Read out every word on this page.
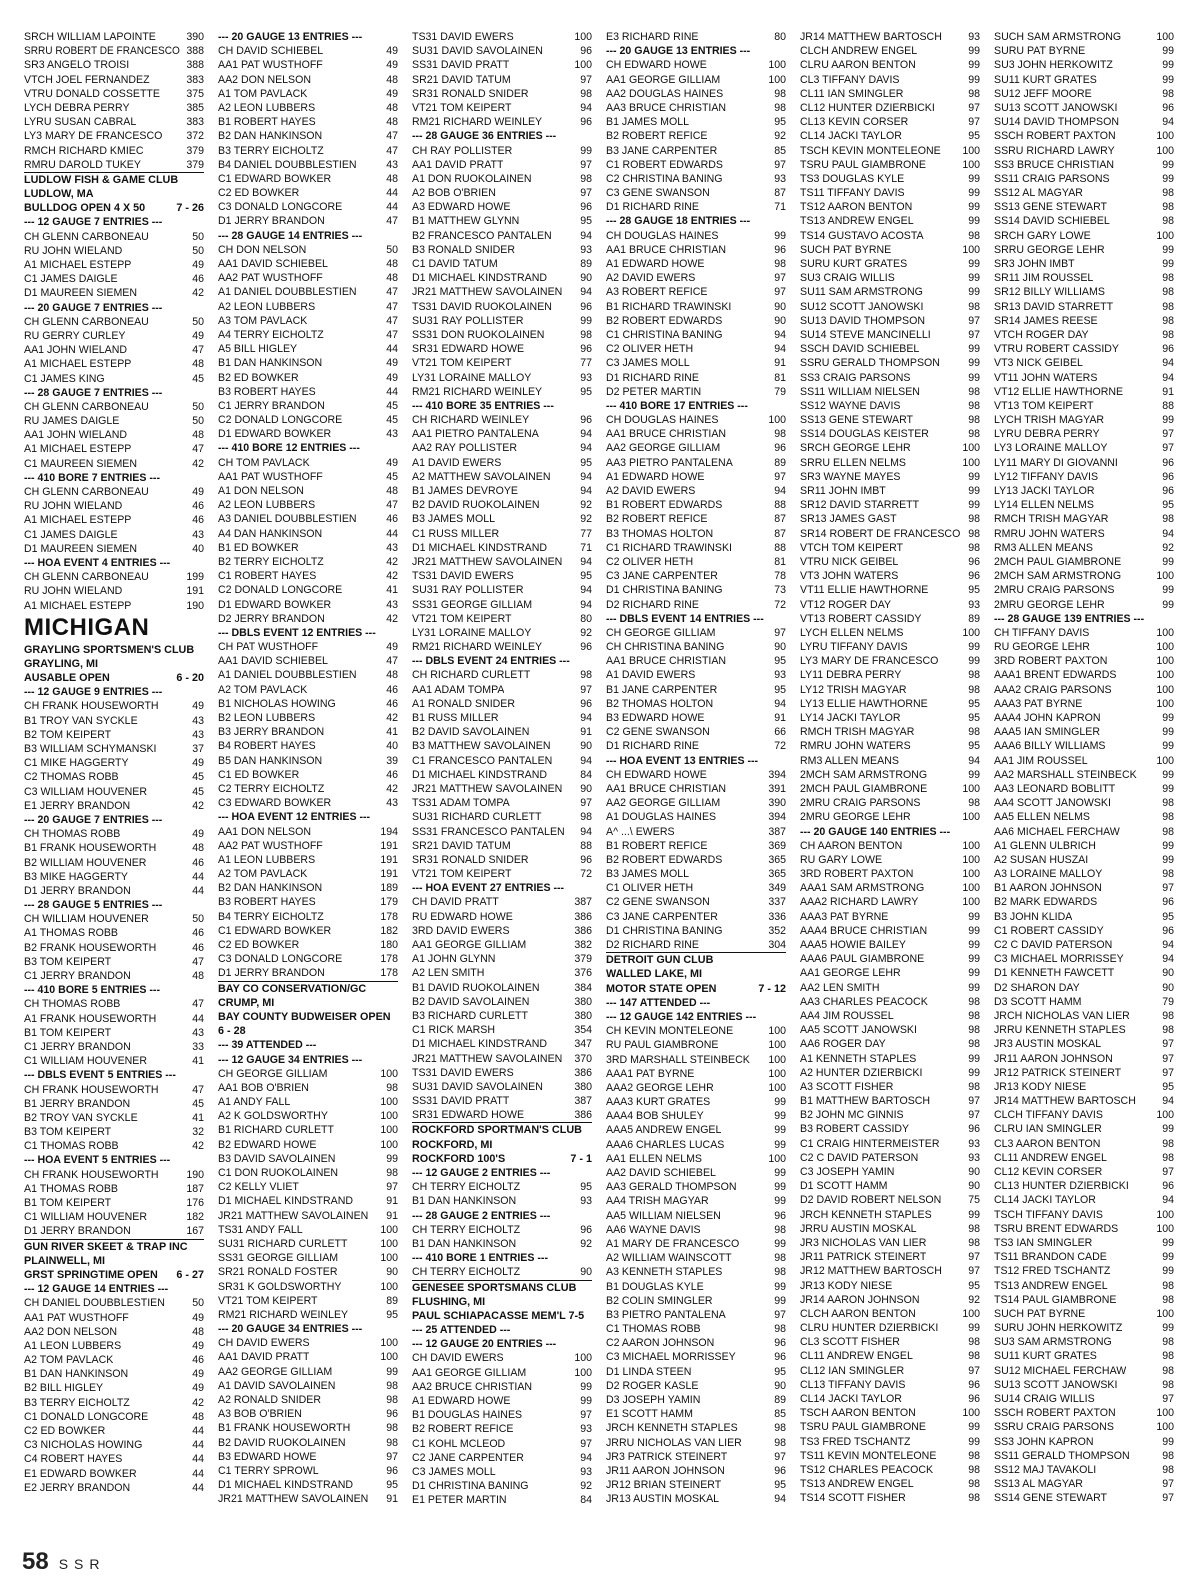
SRCH WILLIAM LAPOINTE	390
SRRU ROBERT DE FRANCESCO 388
SR3 ANGELO TROISI	388
VTCH JOEL FERNANDEZ	383
VTRU DONALD COSSETTE	375
LYCH DEBRA PERRY	385
LYRU SUSAN CABRAL	383
LY3 MARY DE FRANCESCO	372
RMCH RICHARD KMIEC	379
RMRU DAROLD TUKEY	379
LUDLOW FISH & GAME CLUB
LUDLOW, MA
BULLDOG OPEN 4 X 50	7 - 26
--- 12 GAUGE 7 ENTRIES ---
CH GLENN CARBONEAU	50
RU JOHN WIELAND	50
A1 MICHAEL ESTEPP	49
C1 JAMES DAIGLE	46
D1 MAUREEN SIEMEN	42
--- 20 GAUGE 7 ENTRIES ---
CH GLENN CARBONEAU	50
RU GERRY CURLEY	49
AA1 JOHN WIELAND	47
A1 MICHAEL ESTEPP	48
C1 JAMES KING	45
--- 28 GAUGE 7 ENTRIES ---
CH GLENN CARBONEAU	50
RU JAMES DAIGLE	50
AA1 JOHN WIELAND	48
A1 MICHAEL ESTEPP	47
C1 MAUREEN SIEMEN	42
--- 410 BORE 7 ENTRIES ---
CH GLENN CARBONEAU	49
RU JOHN WIELAND	46
A1 MICHAEL ESTEPP	46
C1 JAMES DAIGLE	43
D1 MAUREEN SIEMEN	40
--- HOA EVENT 4 ENTRIES ---
CH GLENN CARBONEAU	199
RU JOHN WIELAND	191
A1 MICHAEL ESTEPP	190
MICHIGAN
GRAYLING SPORTSMEN'S CLUB
GRAYLING, MI
AUSABLE OPEN	6 - 20
--- 12 GAUGE 9 ENTRIES ---
CH FRANK HOUSEWORTH	49
B1 TROY VAN SYCKLE	43
B2 TOM KEIPERT	43
B3 WILLIAM SCHYMANSKI	37
C1 MIKE HAGGERTY	49
C2 THOMAS ROBB	45
C3 WILLIAM HOUVENER	45
E1 JERRY BRANDON	42
--- 20 GAUGE 7 ENTRIES ---
CH THOMAS ROBB	49
B1 FRANK HOUSEWORTH	48
B2 WILLIAM HOUVENER	46
B3 MIKE HAGGERTY	44
D1 JERRY BRANDON	44
--- 28 GAUGE 5 ENTRIES ---
CH WILLIAM HOUVENER	50
A1 THOMAS ROBB	46
B2 FRANK HOUSEWORTH	46
B3 TOM KEIPERT	47
C1 JERRY BRANDON	48
--- 410 BORE 5 ENTRIES ---
CH THOMAS ROBB	47
A1 FRANK HOUSEWORTH	44
B1 TOM KEIPERT	43
C1 JERRY BRANDON	33
C1 WILLIAM HOUVENER	41
--- DBLS EVENT 5 ENTRIES ---
CH FRANK HOUSEWORTH	47
B1 JERRY BRANDON	45
B2 TROY VAN SYCKLE	41
B3 TOM KEIPERT	32
C1 THOMAS ROBB	42
--- HOA EVENT 5 ENTRIES ---
CH FRANK HOUSEWORTH	190
A1 THOMAS ROBB	187
B1 TOM KEIPERT	176
C1 WILLIAM HOUVENER	182
D1 JERRY BRANDON	167
GUN RIVER SKEET & TRAP INC
PLAINWELL, MI
GRST SPRINGTIME OPEN	6 - 27
--- 12 GAUGE 14 ENTRIES ---
CH DANIEL DOUBBLESTIEN	50
AA1 PAT WUSTHOFF	49
AA2 DON NELSON	48
A1 LEON LUBBERS	49
A2 TOM PAVLACK	46
B1 DAN HANKINSON	49
B2 BILL HIGLEY	49
B3 TERRY EICHOLTZ	42
C1 DONALD LONGCORE	48
C2 ED BOWKER	44
C3 NICHOLAS HOWING	44
C4 ROBERT HAYES	44
E1 EDWARD BOWKER	44
E2 JERRY BRANDON	44
--- 20 GAUGE 13 ENTRIES ---
CH DAVID SCHIEBEL	49
AA1 PAT WUSTHOFF	49
AA2 DON NELSON	48
A1 TOM PAVLACK	49
A2 LEON LUBBERS	48
B1 ROBERT HAYES	48
B2 DAN HANKINSON	47
B3 TERRY EICHOLTZ	47
B4 DANIEL DOUBBLESTIEN	43
C1 EDWARD BOWKER	48
C2 ED BOWKER	44
C3 DONALD LONGCORE	44
D1 JERRY BRANDON	47
--- 28 GAUGE 14 ENTRIES ---
CH DON NELSON	50
AA1 DAVID SCHIEBEL	48
AA2 PAT WUSTHOFF	48
A1 DANIEL DOUBBLESTIEN	47
A2 LEON LUBBERS	47
A3 TOM PAVLACK	47
A4 TERRY EICHOLTZ	47
A5 BILL HIGLEY	44
B1 DAN HANKINSON	49
B2 ED BOWKER	49
B3 ROBERT HAYES	44
C1 JERRY BRANDON	45
C2 DONALD LONGCORE	45
D1 EDWARD BOWKER	43
--- 410 BORE 12 ENTRIES ---
CH TOM PAVLACK	49
AA1 PAT WUSTHOFF	45
A1 DON NELSON	48
A2 LEON LUBBERS	47
A3 DANIEL DOUBBLESTIEN	46
A4 DAN HANKINSON	44
B1 ED BOWKER	43
B2 TERRY EICHOLTZ	42
C1 ROBERT HAYES	42
C2 DONALD LONGCORE	41
D1 EDWARD BOWKER	43
D2 JERRY BRANDON	42
--- DBLS EVENT 12 ENTRIES ---
CH PAT WUSTHOFF	49
AA1 DAVID SCHIEBEL	47
A1 DANIEL DOUBBLESTIEN	48
A2 TOM PAVLACK	46
B1 NICHOLAS HOWING	46
B2 LEON LUBBERS	42
B3 JERRY BRANDON	41
B4 ROBERT HAYES	40
B5 DAN HANKINSON	39
C1 ED BOWKER	46
C2 TERRY EICHOLTZ	42
C3 EDWARD BOWKER	43
--- HOA EVENT 12 ENTRIES ---
AA1 DON NELSON	194
AA2 PAT WUSTHOFF	191
A1 LEON LUBBERS	191
A2 TOM PAVLACK	191
B2 DAN HANKINSON	189
B3 ROBERT HAYES	179
B4 TERRY EICHOLTZ	178
C1 EDWARD BOWKER	182
C2 ED BOWKER	180
C3 DONALD LONGCORE	178
D1 JERRY BRANDON	178
BAY CO CONSERVATION/GC
CRUMP, MI
BAY COUNTY BUDWEISER OPEN
6 - 28
--- 39 ATTENDED ---
--- 12 GAUGE 34 ENTRIES ---
CH GEORGE GILLIAM	100
AA1 BOB O'BRIEN	98
A1 ANDY FALL	100
A2 K GOLDSWORTHY	100
B1 RICHARD CURLETT	100
B2 EDWARD HOWE	100
B3 DAVID SAVOLAINEN	99
C1 DON RUOKOLAINEN	98
C2 KELLY VLIET	97
D1 MICHAEL KINDSTRAND	91
JR21 MATTHEW SAVOLAINEN	91
TS31 ANDY FALL	100
SU31 RICHARD CURLETT	100
SS31 GEORGE GILLIAM	100
SR21 RONALD FOSTER	90
SR31 K GOLDSWORTHY	100
VT21 TOM KEIPERT	89
RM21 RICHARD WEINLEY	95
--- 20 GAUGE 34 ENTRIES ---
CH DAVID EWERS	100
AA1 DAVID PRATT	100
AA2 GEORGE GILLIAM	99
A1 DAVID SAVOLAINEN	98
A2 RONALD SNIDER	98
A3 BOB O'BRIEN	96
B1 FRANK HOUSEWORTH	98
B2 DAVID RUOKOLAINEN	98
B3 EDWARD HOWE	97
C1 TERRY SPROWL	96
D1 MICHAEL KINDSTRAND	95
JR21 MATTHEW SAVOLAINEN	91
TS31 DAVID EWERS	100
SU31 DAVID SAVOLAINEN	96
SS31 DAVID PRATT	100
SR21 DAVID TATUM	97
SR31 RONALD SNIDER	98
VT21 TOM KEIPERT	94
RM21 RICHARD WEINLEY	96
--- 28 GAUGE 36 ENTRIES ---
CH RAY POLLISTER	99
AA1 DAVID PRATT	97
A1 DON RUOKOLAINEN	98
A2 BOB O'BRIEN	97
A3 EDWARD HOWE	96
B1 MATTHEW GLYNN	95
B2 FRANCESCO PANTALEN	94
B3 RONALD SNIDER	93
C1 DAVID TATUM	89
D1 MICHAEL KINDSTRAND	90
JR21 MATTHEW SAVOLAINEN	94
TS31 DAVID RUOKOLAINEN	96
SU31 RAY POLLISTER	99
SS31 DON RUOKOLAINEN	98
SR31 EDWARD HOWE	96
VT21 TOM KEIPERT	77
LY31 LORAINE MALLOY	93
RM21 RICHARD WEINLEY	95
--- 410 BORE 35 ENTRIES ---
CH RICHARD WEINLEY	96
AA1 PIETRO PANTALENA	94
AA2 RAY POLLISTER	94
A1 DAVID EWERS	95
A2 MATTHEW SAVOLAINEN	94
B1 JAMES DEVROYE	94
B2 DAVID RUOKOLAINEN	92
B3 JAMES MOLL	92
C1 RUSS MILLER	77
D1 MICHAEL KINDSTRAND	71
JR21 MATTHEW SAVOLAINEN	94
TS31 DAVID EWERS	95
SU31 RAY POLLISTER	94
SS31 GEORGE GILLIAM	94
VT21 TOM KEIPERT	80
LY31 LORAINE MALLOY	92
RM21 RICHARD WEINLEY	96
--- DBLS EVENT 24 ENTRIES ---
CH RICHARD CURLETT	98
AA1 ADAM TOMPA	97
A1 RONALD SNIDER	96
B1 RUSS MILLER	94
B2 DAVID SAVOLAINEN	91
B3 MATTHEW SAVOLAINEN	90
C1 FRANCESCO PANTALEN	94
D1 MICHAEL KINDSTRAND	84
JR21 MATTHEW SAVOLAINEN	90
TS31 ADAM TOMPA	97
SU31 RICHARD CURLETT	98
SS31 FRANCESCO PANTALEN	94
SR21 DAVID TATUM	88
SR31 RONALD SNIDER	96
VT21 TOM KEIPERT	72
--- HOA EVENT 27 ENTRIES ---
CH DAVID PRATT	387
RU EDWARD HOWE	386
3RD DAVID EWERS	386
AA1 GEORGE GILLIAM	382
A1 JOHN GLYNN	379
A2 LEN SMITH	376
B1 DAVID RUOKOLAINEN	384
B2 DAVID SAVOLAINEN	380
B3 RICHARD CURLETT	380
C1 RICK MARSH	354
D1 MICHAEL KINDSTRAND	347
JR21 MATTHEW SAVOLAINEN	370
TS31 DAVID EWERS	386
SU31 DAVID SAVOLAINEN	380
SS31 DAVID PRATT	387
SR31 EDWARD HOWE	386
ROCKFORD SPORTMAN'S CLUB
ROCKFORD, MI
ROCKFORD 100'S	7 - 1
--- 12 GAUGE 2 ENTRIES ---
CH TERRY EICHOLTZ	95
B1 DAN HANKINSON	93
--- 28 GAUGE 2 ENTRIES ---
CH TERRY EICHOLTZ	96
B1 DAN HANKINSON	92
--- 410 BORE 1 ENTRIES ---
CH TERRY EICHOLTZ	90
GENESEE SPORTSMANS CLUB
FLUSHING, MI
PAUL SCHIAPACASSE MEM'L 7-5
--- 25 ATTENDED ---
--- 12 GAUGE 20 ENTRIES ---
CH DAVID EWERS	100
AA1 GEORGE GILLIAM	100
AA2 BRUCE CHRISTIAN	99
A1 EDWARD HOWE	99
B1 DOUGLAS HAINES	97
B2 ROBERT REFICE	93
C1 KOHL MCLEOD	97
C2 JANE CARPENTER	94
C3 JAMES MOLL	93
D1 CHRISTINA BANING	92
E1 PETER MARTIN	84
E3 RICHARD RINE	80
--- 20 GAUGE 13 ENTRIES ---
CH EDWARD HOWE	100
AA1 GEORGE GILLIAM	100
AA2 DOUGLAS HAINES	98
AA3 BRUCE CHRISTIAN	98
B1 JAMES MOLL	95
B2 ROBERT REFICE	92
B3 JANE CARPENTER	85
C1 ROBERT EDWARDS	97
C2 CHRISTINA BANING	93
C3 GENE SWANSON	87
D1 RICHARD RINE	71
--- 28 GAUGE 18 ENTRIES ---
CH DOUGLAS HAINES	99
AA1 BRUCE CHRISTIAN	96
A1 EDWARD HOWE	98
A2 DAVID EWERS	97
A3 ROBERT REFICE	97
B1 RICHARD TRAWINSKI	90
B2 ROBERT EDWARDS	90
C1 CHRISTINA BANING	94
C2 OLIVER HETH	94
C3 JAMES MOLL	91
D1 RICHARD RINE	81
D2 PETER MARTIN	79
--- 410 BORE 17 ENTRIES ---
CH DOUGLAS HAINES	100
AA1 BRUCE CHRISTIAN	98
AA2 GEORGE GILLIAM	96
AA3 PIETRO PANTALENA	89
A1 EDWARD HOWE	97
A2 DAVID EWERS	94
B1 ROBERT EDWARDS	88
B2 ROBERT REFICE	87
B3 THOMAS HOLTON	87
C1 RICHARD TRAWINSKI	88
C2 OLIVER HETH	81
C3 JANE CARPENTER	78
D1 CHRISTINA BANING	73
D2 RICHARD RINE	72
--- DBLS EVENT 14 ENTRIES ---
CH GEORGE GILLIAM	97
CH CHRISTINA BANING	90
AA1 BRUCE CHRISTIAN	95
A1 DAVID EWERS	93
B1 JANE CARPENTER	95
B2 THOMAS HOLTON	94
B3 EDWARD HOWE	91
C2 GENE SWANSON	66
D1 RICHARD RINE	72
--- HOA EVENT 13 ENTRIES ---
CH EDWARD HOWE	394
AA1 BRUCE CHRISTIAN	391
AA2 GEORGE GILLIAM	390
A1 DOUGLAS HAINES	394
A^ ...\ EWERS	387
B1 ROBERT REFICE	369
B2 ROBERT EDWARDS	365
B3 JAMES MOLL	365
C1 OLIVER HETH	349
C2 GENE SWANSON	337
C3 JANE CARPENTER	336
D1 CHRISTINA BANING	352
D2 RICHARD RINE	304
DETROIT GUN CLUB
WALLED LAKE, MI
MOTOR STATE OPEN	7 - 12
--- 147 ATTENDED ---
--- 12 GAUGE 142 ENTRIES ---
CH KEVIN MONTELEONE	100
RU PAUL GIAMBRONE	100
3RD MARSHALL STEINBECK	100
AAA1 PAT BYRNE	100
AAA2 GEORGE LEHR	100
AAA3 KURT GRATES	99
AAA4 BOB SHULEY	99
AAA5 ANDREW ENGEL	99
AAA6 CHARLES LUCAS	99
AA1 ELLEN NELMS	100
AA2 DAVID SCHIEBEL	99
AA3 GERALD THOMPSON	99
AA4 TRISH MAGYAR	99
AA5 WILLIAM NIELSEN	96
AA6 WAYNE DAVIS	98
A1 MARY DE FRANCESCO	99
A2 WILLIAM WAINSCOTT	98
A3 KENNETH STAPLES	98
B1 DOUGLAS KYLE	99
B2 COLIN SMINGLER	99
B3 PIETRO PANTALENA	97
C1 THOMAS ROBB	98
C2 AARON JOHNSON	96
C3 MICHAEL MORRISSEY	96
D1 LINDA STEEN	95
D2 ROGER KASLE	90
D3 JOSEPH YAMIN	89
E1 SCOTT HAMM	85
JRCH KENNETH STAPLES	98
JRRU NICHOLAS VAN LIER	98
JR3 PATRICK STEINERT	97
JR11 AARON JOHNSON	96
JR12 BRIAN STEINERT	95
JR13 AUSTIN MOSKAL	94
JR14 MATTHEW BARTOSCH	93
CLCH ANDREW ENGEL	99
CLRU AARON BENTON	99
CL3 TIFFANY DAVIS	99
CL11 IAN SMINGLER	98
CL12 HUNTER DZIERBICKI	97
CL13 KEVIN CORSER	97
CL14 JACKI TAYLOR	95
TSCH KEVIN MONTELEONE	100
TSRU PAUL GIAMBRONE	100
TS3 DOUGLAS KYLE	99
TS11 TIFFANY DAVIS	99
TS12 AARON BENTON	99
TS13 ANDREW ENGEL	99
TS14 GUSTAVO ACOSTA	98
SUCH PAT BYRNE	100
SURU KURT GRATES	99
SU3 CRAIG WILLIS	99
SU11 SAM ARMSTRONG	99
SU12 SCOTT JANOWSKI	98
SU13 DAVID THOMPSON	97
SU14 STEVE MANCINELLI	97
SSCH DAVID SCHIEBEL	99
SSRU GERALD THOMPSON	99
SS3 CRAIG PARSONS	99
SS11 WILLIAM NIELSEN	98
SS12 WAYNE DAVIS	98
SS13 GENE STEWART	98
SS14 DOUGLAS KEISTER	98
SRCH GEORGE LEHR	100
SRRU ELLEN NELMS	100
SR3 WAYNE MAYES	99
SR11 JOHN IMBT	99
SR12 DAVID STARRETT	99
SR13 JAMES GAST	98
SR14 ROBERT DE FRANCESCO 98
VTCH TOM KEIPERT	98
VTRU NICK GEIBEL	96
VT3 JOHN WATERS	96
VT11 ELLIE HAWTHORNE	95
VT12 ROGER DAY	93
VT13 ROBERT CASSIDY	89
LYCH ELLEN NELMS	100
LYRU TIFFANY DAVIS	99
LY3 MARY DE FRANCESCO	99
LY11 DEBRA PERRY	98
LY12 TRISH MAGYAR	98
LY13 ELLIE HAWTHORNE	95
LY14 JACKI TAYLOR	95
RMCH TRISH MAGYAR	98
RMRU JOHN WATERS	95
RM3 ALLEN MEANS	94
2MCH SAM ARMSTRONG	99
2MCH PAUL GIAMBRONE	100
2MRU CRAIG PARSONS	98
2MRU GEORGE LEHR	100
--- 20 GAUGE 140 ENTRIES ---
CH AARON BENTON	100
RU GARY LOWE	100
3RD ROBERT PAXTON	100
AAA1 SAM ARMSTRONG	100
AAA2 RICHARD LAWRY	100
AAA3 PAT BYRNE	99
AAA4 BRUCE CHRISTIAN	99
AAA5 HOWIE BAILEY	99
AAA6 PAUL GIAMBRONE	99
AA1 GEORGE LEHR	99
AA2 LEN SMITH	99
AA3 CHARLES PEACOCK	98
AA4 JIM ROUSSEL	98
AA5 SCOTT JANOWSKI	98
AA6 ROGER DAY	98
A1 KENNETH STAPLES	99
A2 HUNTER DZIERBICKI	99
A3 SCOTT FISHER	98
B1 MATTHEW BARTOSCH	97
B2 JOHN MC GINNIS	97
B3 ROBERT CASSIDY	96
C1 CRAIG HINTERMEISTER	93
C2 C DAVID PATERSON	93
C3 JOSEPH YAMIN	90
D1 SCOTT HAMM	90
D2 DAVID ROBERT NELSON	75
JRCH KENNETH STAPLES	99
JRRU AUSTIN MOSKAL	98
JR3 NICHOLAS VAN LIER	98
JR11 PATRICK STEINERT	97
JR12 MATTHEW BARTOSCH	97
JR13 KODY NIESE	95
JR14 AARON JOHNSON	92
CLCH AARON BENTON	100
CLRU HUNTER DZIERBICKI	99
CL3 SCOTT FISHER	98
CL11 ANDREW ENGEL	98
CL12 IAN SMINGLER	97
CL13 TIFFANY DAVIS	96
CL14 JACKI TAYLOR	96
TSCH AARON BENTON	100
TSRU PAUL GIAMBRONE	99
TS3 FRED TSCHANTZ	99
TS11 KEVIN MONTELEONE	98
TS12 CHARLES PEACOCK	98
TS13 ANDREW ENGEL	98
TS14 SCOTT FISHER	98
SUCH SAM ARMSTRONG	100
SURU PAT BYRNE	99
SU3 JOHN HERKOWITZ	99
SU11 KURT GRATES	99
SU12 JEFF MOORE	98
SU13 SCOTT JANOWSKI	96
SU14 DAVID THOMPSON	94
SSCH ROBERT PAXTON	100
SSRU RICHARD LAWRY	100
SS3 BRUCE CHRISTIAN	99
SS11 CRAIG PARSONS	99
SS12 AL MAGYAR	98
SS13 GENE STEWART	98
SS14 DAVID SCHIEBEL	98
SRCH GARY LOWE	100
SRRU GEORGE LEHR	99
SR3 JOHN IMBT	99
SR11 JIM ROUSSEL	98
SR12 BILLY WILLIAMS	98
SR13 DAVID STARRETT	98
SR14 JAMES REESE	98
VTCH ROGER DAY	98
VTRU ROBERT CASSIDY	96
VT3 NICK GEIBEL	94
VT11 JOHN WATERS	94
VT12 ELLIE HAWTHORNE	91
VT13 TOM KEIPERT	88
LYCH TRISH MAGYAR	99
LYRU DEBRA PERRY	97
LY3 LORAINE MALLOY	97
LY11 MARY DI GIOVANNI	96
LY12 TIFFANY DAVIS	96
LY13 JACKI TAYLOR	96
LY14 ELLEN NELMS	95
RMCH TRISH MAGYAR	98
RMRU JOHN WATERS	94
RM3 ALLEN MEANS	92
2MCH PAUL GIAMBRONE	99
2MCH SAM ARMSTRONG	100
2MRU CRAIG PARSONS	99
2MRU GEORGE LEHR	99
--- 28 GAUGE 139 ENTRIES ---
CH TIFFANY DAVIS	100
RU GEORGE LEHR	100
3RD ROBERT PAXTON	100
AAA1 BRENT EDWARDS	100
AAA2 CRAIG PARSONS	100
AAA3 PAT BYRNE	100
AAA4 JOHN KAPRON	99
AAA5 IAN SMINGLER	99
AAA6 BILLY WILLIAMS	99
AA1 JIM ROUSSEL	100
AA2 MARSHALL STEINBECK	99
AA3 LEONARD BOBLITT	99
AA4 SCOTT JANOWSKI	98
AA5 ELLEN NELMS	98
AA6 MICHAEL FERCHAW	98
A1 GLENN ULBRICH	99
A2 SUSAN HUSZAI	99
A3 LORAINE MALLOY	98
B1 AARON JOHNSON	97
B2 MARK EDWARDS	96
B3 JOHN KLIDA	95
C1 ROBERT CASSIDY	96
C2 C DAVID PATERSON	94
C3 MICHAEL MORRISSEY	94
D1 KENNETH FAWCETT	90
D2 SHARON DAY	90
D3 SCOTT HAMM	79
JRCH NICHOLAS VAN LIER	98
JRRU KENNETH STAPLES	98
JR3 AUSTIN MOSKAL	97
JR11 AARON JOHNSON	97
JR12 PATRICK STEINERT	97
JR13 KODY NIESE	95
JR14 MATTHEW BARTOSCH	94
CLCH TIFFANY DAVIS	100
CLRU IAN SMINGLER	99
CL3 AARON BENTON	98
CL11 ANDREW ENGEL	98
CL12 KEVIN CORSER	97
CL13 HUNTER DZIERBICKI	96
CL14 JACKI TAYLOR	94
TSCH TIFFANY DAVIS	100
TSRU BRENT EDWARDS	100
TS3 IAN SMINGLER	99
TS11 BRANDON CADE	99
TS12 FRED TSCHANTZ	99
TS13 ANDREW ENGEL	98
TS14 PAUL GIAMBRONE	98
SUCH PAT BYRNE	100
SURU JOHN HERKOWITZ	99
SU3 SAM ARMSTRONG	98
SU11 KURT GRATES	98
SU12 MICHAEL FERCHAW	98
SU13 SCOTT JANOWSKI	98
SU14 CRAIG WILLIS	97
SSCH ROBERT PAXTON	100
SSRU CRAIG PARSONS	100
SS3 JOHN KAPRON	99
SS11 GERALD THOMPSON	98
SS12 MAJ TAVAKOLI	98
SS13 AL MAGYAR	97
SS14 GENE STEWART	97
58 SSR
